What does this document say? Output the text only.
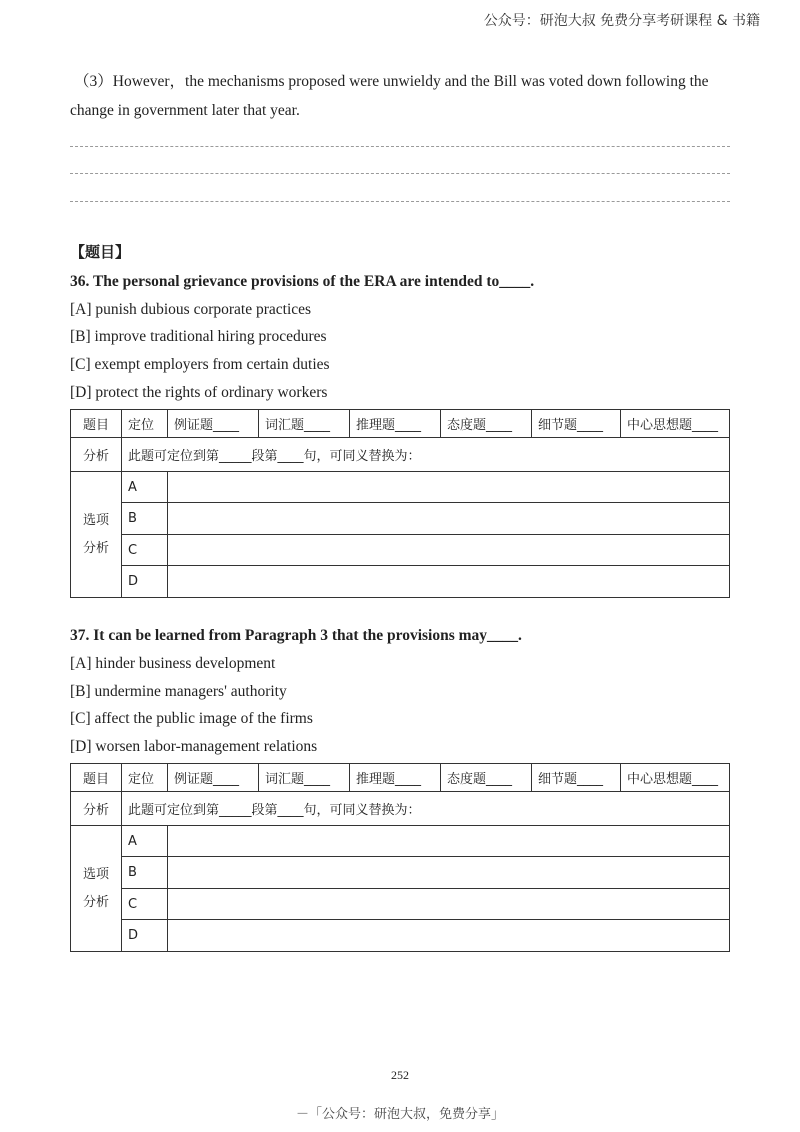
公众号：研泡大叔 免费分享考研课程 & 书籍
（3）However，the mechanisms proposed were unwieldy and the Bill was voted down following the
change in government later that year.
【题目】
36. The personal grievance provisions of the ERA are intended to____.
[A] punish dubious corporate practices
[B] improve traditional hiring procedures
[C] exempt employers from certain duties
[D] protect the rights of ordinary workers
题目	定位	例证题____	词汇题____	推理题____	态度题____	细节题____	中心思想题____
分析	此题可定位到第_____段第____句，可同义替换为：						
选项
分析	A						
	B						
	C						
	D						
37. It can be learned from Paragraph 3 that the provisions may____.
[A] hinder business development
[B] undermine managers' authority
[C] affect the public image of the firms
[D] worsen labor-management relations
题目	定位	例证题____	词汇题____	推理题____	态度题____	细节题____	中心思想题____
分析	此题可定位到第_____段第____句，可同义替换为：						
选项
分析	A						
	B						
	C						
	D						
252
－「公众号：研泡大叔，免费分享」
